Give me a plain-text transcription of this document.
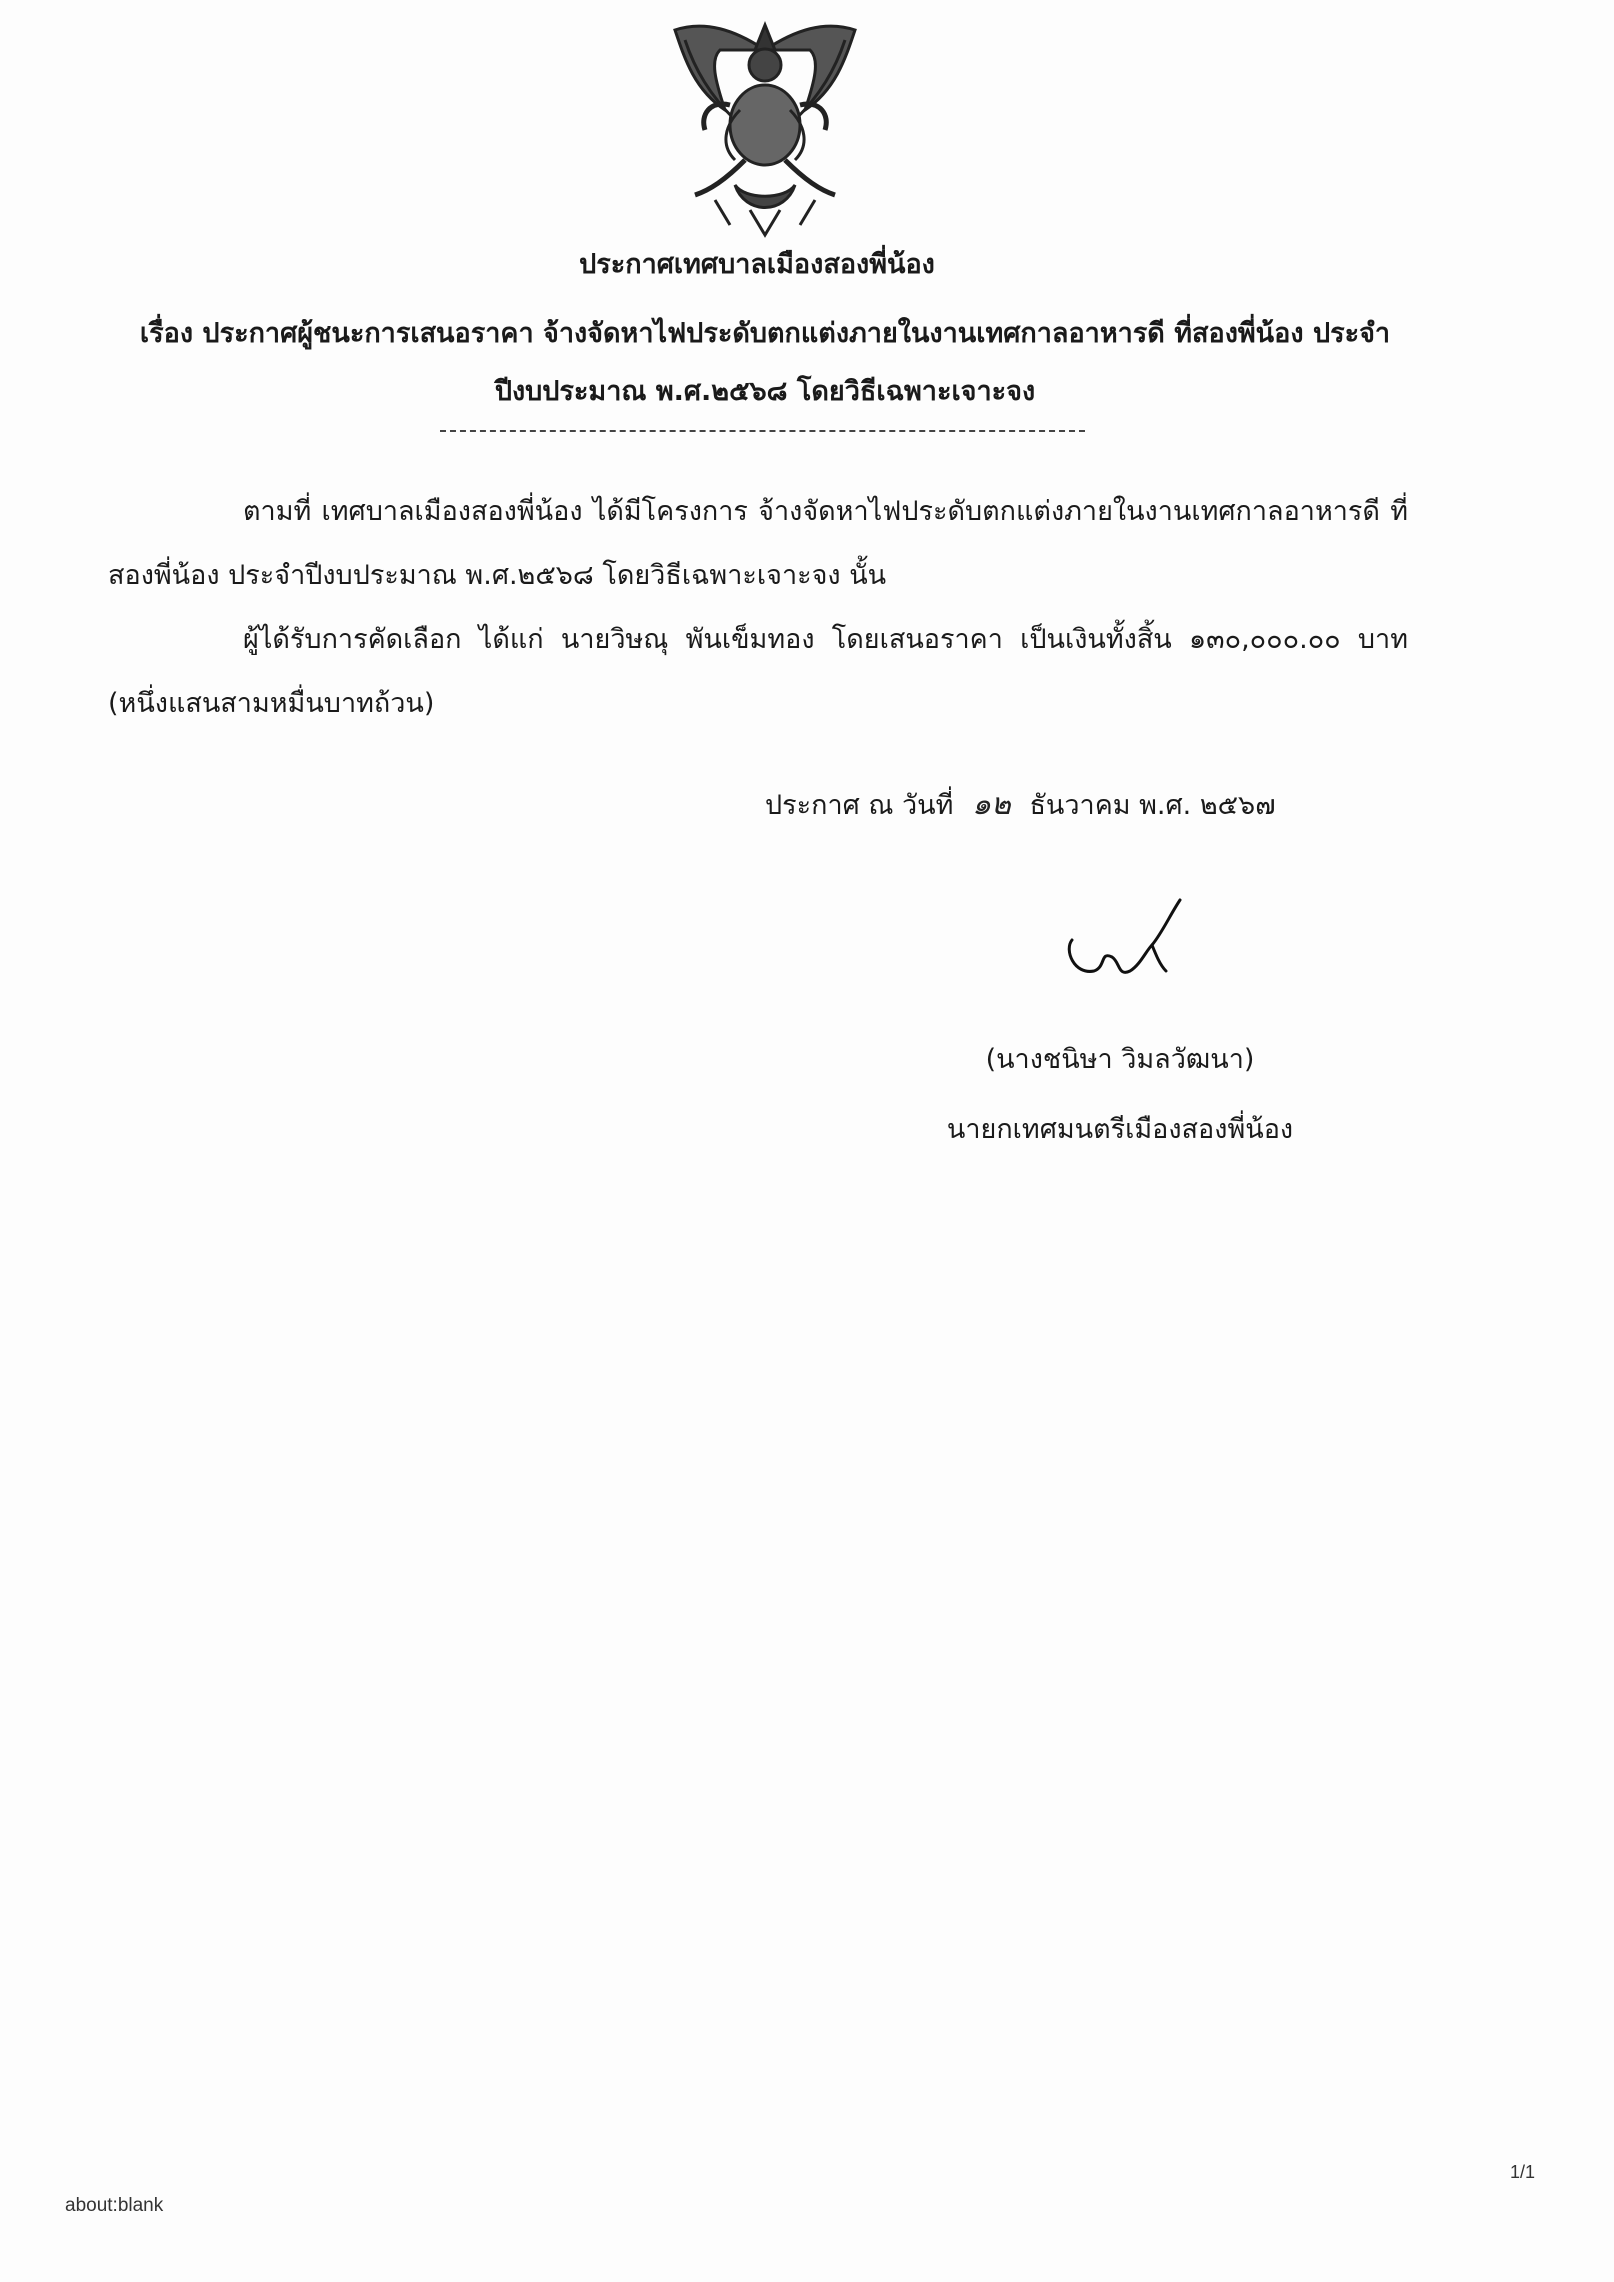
ประกาศเทศบาลเมืองสองพี่น้อง
เรื่อง ประกาศผู้ชนะการเสนอราคา จ้างจัดหาไฟประดับตกแต่งภายในงานเทศกาลอาหารดี ที่สองพี่น้อง ประจำปีงบประมาณ พ.ศ.๒๕๖๘ โดยวิธีเฉพาะเจาะจง
ตามที่ เทศบาลเมืองสองพี่น้อง ได้มีโครงการ จ้างจัดหาไฟประดับตกแต่งภายในงานเทศกาลอาหารดี ที่สองพี่น้อง ประจำปีงบประมาณ พ.ศ.๒๕๖๘ โดยวิธีเฉพาะเจาะจง นั้น
ผู้ได้รับการคัดเลือก ได้แก่ นายวิษณุ พันเข็มทอง โดยเสนอราคา เป็นเงินทั้งสิ้น ๑๓๐,๐๐๐.๐๐ บาท (หนึ่งแสนสามหมื่นบาทถ้วน)
ประกาศ ณ วันที่ ๑๒ ธันวาคม พ.ศ. ๒๕๖๗
(นางชนิษา วิมลวัฒนา)
นายกเทศมนตรีเมืองสองพี่น้อง
1/1
about:blank
